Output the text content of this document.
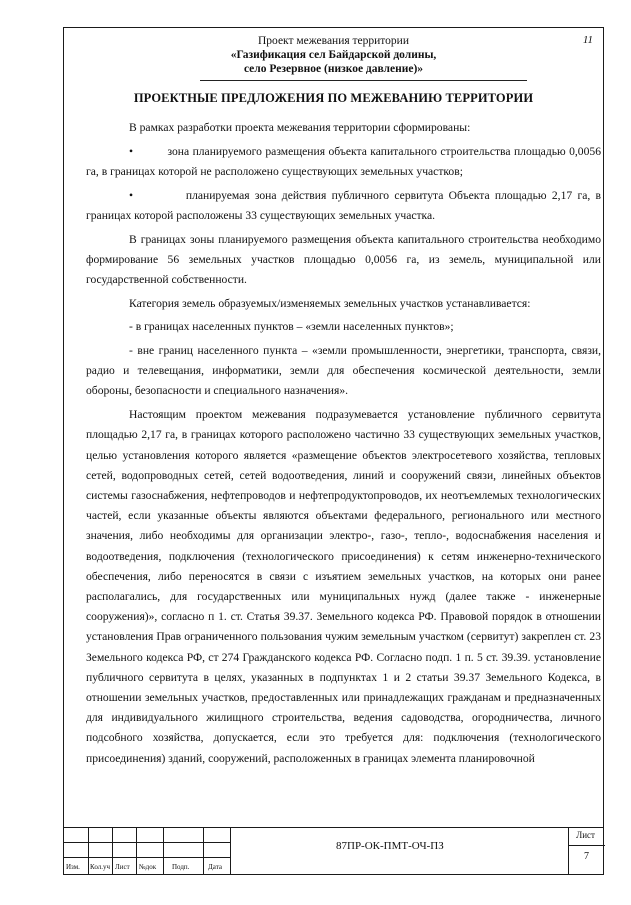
11
Проект межевания территории
«Газификация сел Байдарской долины,
село Резервное (низкое давление)»
ПРОЕКТНЫЕ ПРЕДЛОЖЕНИЯ ПО МЕЖЕВАНИЮ ТЕРРИТОРИИ

В рамках разработки проекта межевания территории сформированы:

•          зона планируемого размещения объекта капитального строительства площадью 0,0056 га, в границах которой не расположено существующих земельных участков;

•          планируемая зона действия публичного сервитута Объекта площадью 2,17 га, в границах которой расположены 33 существующих земельных участка.

В границах зоны планируемого размещения объекта капитального строительства необходимо формирование 56 земельных участков площадью 0,0056 га, из земель, муниципальной или государственной собственности.

Категория земель образуемых/изменяемых земельных участков устанавливается:

- в границах населенных пунктов – «земли населенных пунктов»;

- вне границ населенного пункта – «земли промышленности, энергетики, транспорта, связи, радио и телевещания, информатики, земли для обеспечения космической деятельности, земли обороны, безопасности и специального назначения».

Настоящим проектом межевания подразумевается установление публичного сервитута площадью 2,17 га, в границах которого расположено частично 33 существующих земельных участков, целью установления которого является «размещение объектов электросетевого хозяйства, тепловых сетей, водопроводных сетей, сетей водоотведения, линий и сооружений связи, линейных объектов системы газоснабжения, нефтепроводов и нефтепродуктопроводов, их неотъемлемых технологических частей, если указанные объекты являются объектами федерального, регионального или местного значения, либо необходимы для организации электро-, газо-, тепло-, водоснабжения населения и водоотведения, подключения (технологического присоединения) к сетям инженерно-технического обеспечения, либо переносятся в связи с изъятием земельных участков, на которых они ранее располагались, для государственных или муниципальных нужд (далее также - инженерные сооружения)», согласно п 1. ст. Статья 39.37. Земельного кодекса РФ. Правовой порядок в отношении установления Прав ограниченного пользования чужим земельным участком (сервитут) закреплен ст. 23 Земельного кодекса РФ, ст 274 Гражданского кодекса РФ. Согласно подп. 1 п. 5 ст. 39.39. установление публичного сервитута в целях, указанных в подпунктах 1 и 2 статьи 39.37 Земельного Кодекса, в отношении земельных участков, предоставленных или принадлежащих гражданам и предназначенных для индивидуального жилищного строительства, ведения садоводства, огородничества, личного подсобного хозяйства, допускается, если это требуется для: подключения (технологического присоединения) зданий, сооружений, расположенных в границах элемента планировочной

Изм. Кол.уч Лист №док Подп.	Дата
87ПР-ОК-ПМТ-ОЧ-ПЗ
Лист
7
